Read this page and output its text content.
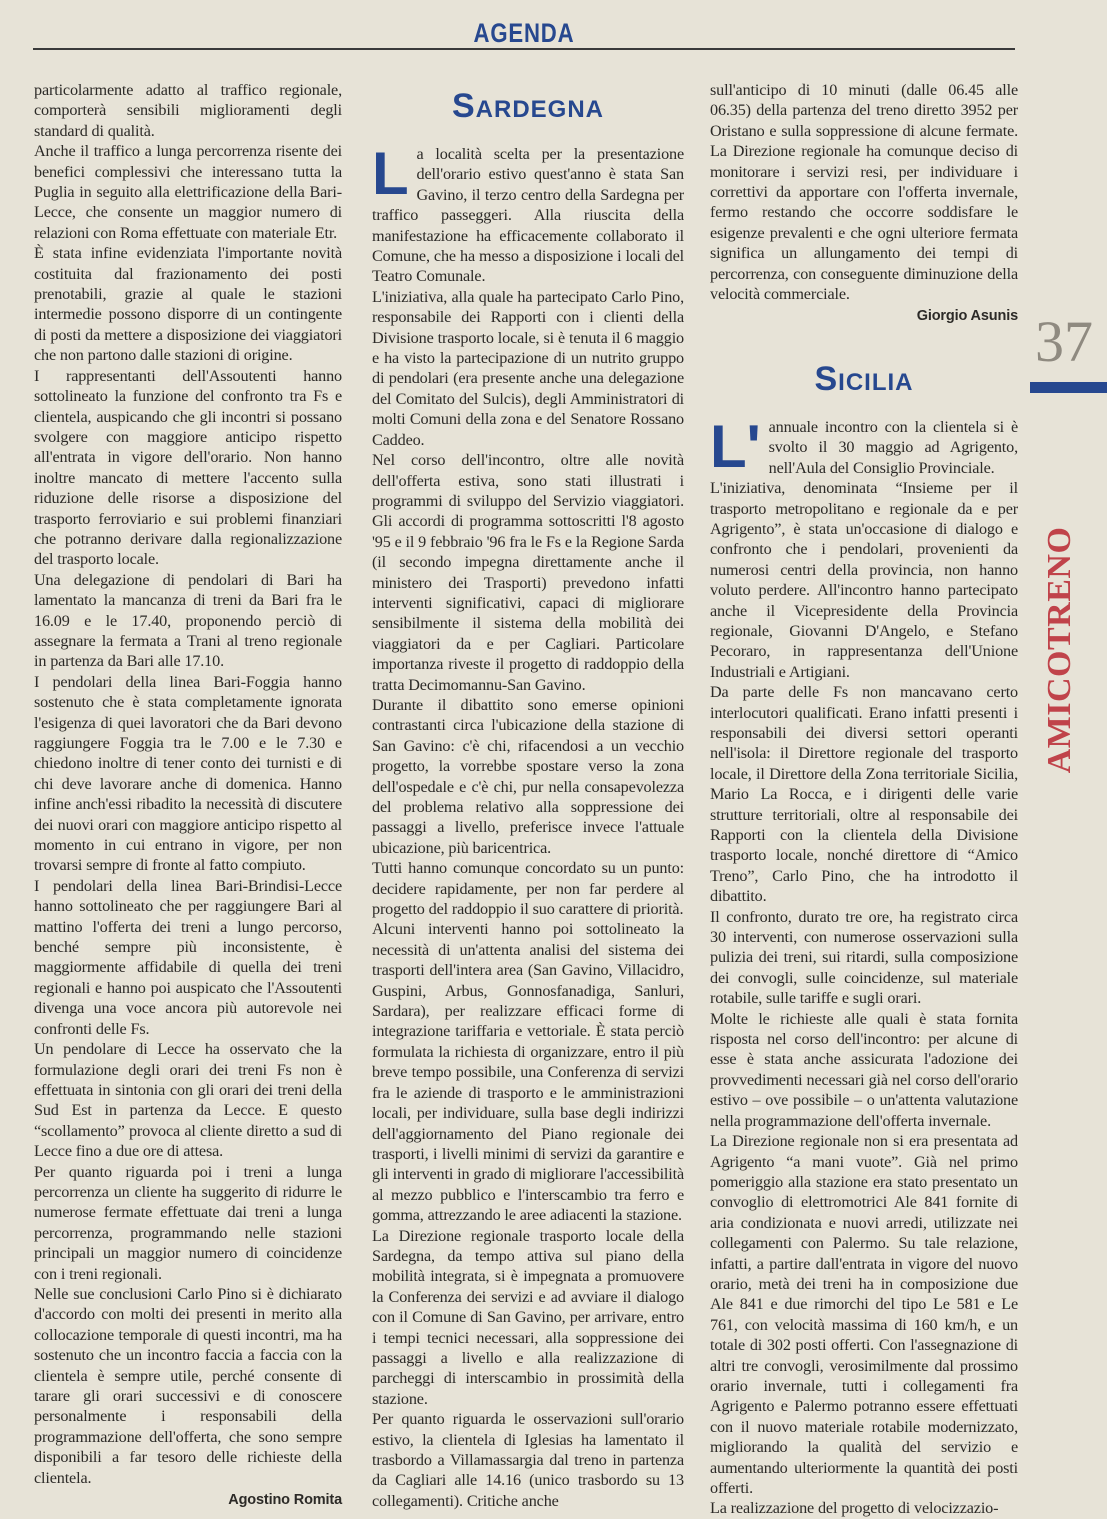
AGENDA

particolarmente adatto al traffico regionale, comporterà sensibili miglioramenti degli standard di qualità.

Anche il traffico a lunga percorrenza risente dei benefici complessivi che interessano tutta la Puglia in seguito alla elettrificazione della Bari-Lecce, che consente un maggior numero di relazioni con Roma effettuate con materiale Etr.

È stata infine evidenziata l'importante novità costituita dal frazionamento dei posti prenotabili, grazie al quale le stazioni intermedie possono disporre di un contingente di posti da mettere a disposizione dei viaggiatori che non partono dalle stazioni di origine.

I rappresentanti dell'Assoutenti hanno sottolineato la funzione del confronto tra Fs e clientela, auspicando che gli incontri si possano svolgere con maggiore anticipo rispetto all'entrata in vigore dell'orario. Non hanno inoltre mancato di mettere l'accento sulla riduzione delle risorse a disposizione del trasporto ferroviario e sui problemi finanziari che potranno derivare dalla regionalizzazione del trasporto locale.

Una delegazione di pendolari di Bari ha lamentato la mancanza di treni da Bari fra le 16.09 e le 17.40, proponendo perciò di assegnare la fermata a Trani al treno regionale in partenza da Bari alle 17.10.

I pendolari della linea Bari-Foggia hanno sostenuto che è stata completamente ignorata l'esigenza di quei lavoratori che da Bari devono raggiungere Foggia tra le 7.00 e le 7.30 e chiedono inoltre di tener conto dei turnisti e di chi deve lavorare anche di domenica. Hanno infine anch'essi ribadito la necessità di discutere dei nuovi orari con maggiore anticipo rispetto al momento in cui entrano in vigore, per non trovarsi sempre di fronte al fatto compiuto.

I pendolari della linea Bari-Brindisi-Lecce hanno sottolineato che per raggiungere Bari al mattino l'offerta dei treni a lungo percorso, benché sempre più inconsistente, è maggiormente affidabile di quella dei treni regionali e hanno poi auspicato che l'Assoutenti divenga una voce ancora più autorevole nei confronti delle Fs.

Un pendolare di Lecce ha osservato che la formulazione degli orari dei treni Fs non è effettuata in sintonia con gli orari dei treni della Sud Est in partenza da Lecce. E questo “scollamento” provoca al cliente diretto a sud di Lecce fino a due ore di attesa.

Per quanto riguarda poi i treni a lunga percorrenza un cliente ha suggerito di ridurre le numerose fermate effettuate dai treni a lunga percorrenza, programmando nelle stazioni principali un maggior numero di coincidenze con i treni regionali.

Nelle sue conclusioni Carlo Pino si è dichiarato d'accordo con molti dei presenti in merito alla collocazione temporale di questi incontri, ma ha sostenuto che un incontro faccia a faccia con la clientela è sempre utile, perché consente di tarare gli orari successivi e di conoscere personalmente i responsabili della programmazione dell'offerta, che sono sempre disponibili a far tesoro delle richieste della clientela.

Agostino Romita

Sardegna

La località scelta per la presentazione dell'orario estivo quest'anno è stata San Gavino, il terzo centro della Sardegna per traffico passeggeri. Alla riuscita della manifestazione ha efficacemente collaborato il Comune, che ha messo a disposizione i locali del Teatro Comunale.

L'iniziativa, alla quale ha partecipato Carlo Pino, responsabile dei Rapporti con i clienti della Divisione trasporto locale, si è tenuta il 6 maggio e ha visto la partecipazione di un nutrito gruppo di pendolari (era presente anche una delegazione del Comitato del Sulcis), degli Amministratori di molti Comuni della zona e del Senatore Rossano Caddeo.

Nel corso dell'incontro, oltre alle novità dell'offerta estiva, sono stati illustrati i programmi di sviluppo del Servizio viaggiatori. Gli accordi di programma sottoscritti l'8 agosto '95 e il 9 febbraio '96 fra le Fs e la Regione Sarda (il secondo impegna direttamente anche il ministero dei Trasporti) prevedono infatti interventi significativi, capaci di migliorare sensibilmente il sistema della mobilità dei viaggiatori da e per Cagliari. Particolare importanza riveste il progetto di raddoppio della tratta Decimomannu-San Gavino.

Durante il dibattito sono emerse opinioni contrastanti circa l'ubicazione della stazione di San Gavino: c'è chi, rifacendosi a un vecchio progetto, la vorrebbe spostare verso la zona dell'ospedale e c'è chi, pur nella consapevolezza del problema relativo alla soppressione dei passaggi a livello, preferisce invece l'attuale ubicazione, più baricentrica.

Tutti hanno comunque concordato su un punto: decidere rapidamente, per non far perdere al progetto del raddoppio il suo carattere di priorità.

Alcuni interventi hanno poi sottolineato la necessità di un'attenta analisi del sistema dei trasporti dell'intera area (San Gavino, Villacidro, Guspini, Arbus, Gonnosfanadiga, Sanluri, Sardara), per realizzare efficaci forme di integrazione tariffaria e vettoriale. È stata perciò formulata la richiesta di organizzare, entro il più breve tempo possibile, una Conferenza di servizi fra le aziende di trasporto e le amministrazioni locali, per individuare, sulla base degli indirizzi dell'aggiornamento del Piano regionale dei trasporti, i livelli minimi di servizi da garantire e gli interventi in grado di migliorare l'accessibilità al mezzo pubblico e l'interscambio tra ferro e gomma, attrezzando le aree adiacenti la stazione.

La Direzione regionale trasporto locale della Sardegna, da tempo attiva sul piano della mobilità integrata, si è impegnata a promuovere la Conferenza dei servizi e ad avviare il dialogo con il Comune di San Gavino, per arrivare, entro i tempi tecnici necessari, alla soppressione dei passaggi a livello e alla realizzazione di parcheggi di interscambio in prossimità della stazione.

Per quanto riguarda le osservazioni sull'orario estivo, la clientela di Iglesias ha lamentato il trasbordo a Villamassargia dal treno in partenza da Cagliari alle 14.16 (unico trasbordo su 13 collegamenti). Critiche anche

sull'anticipo di 10 minuti (dalle 06.45 alle 06.35) della partenza del treno diretto 3952 per Oristano e sulla soppressione di alcune fermate. La Direzione regionale ha comunque deciso di monitorare i servizi resi, per individuare i correttivi da apportare con l'offerta invernale, fermo restando che occorre soddisfare le esigenze prevalenti e che ogni ulteriore fermata significa un allungamento dei tempi di percorrenza, con conseguente diminuzione della velocità commerciale.

Giorgio Asunis

Sicilia

L' annuale incontro con la clientela si è svolto il 30 maggio ad Agrigento, nell'Aula del Consiglio Provinciale.

L'iniziativa, denominata “Insieme per il trasporto metropolitano e regionale da e per Agrigento”, è stata un'occasione di dialogo e confronto che i pendolari, provenienti da numerosi centri della provincia, non hanno voluto perdere. All'incontro hanno partecipato anche il Vicepresidente della Provincia regionale, Giovanni D'Angelo, e Stefano Pecoraro, in rappresentanza dell'Unione Industriali e Artigiani.

Da parte delle Fs non mancavano certo interlocutori qualificati. Erano infatti presenti i responsabili dei diversi settori operanti nell'isola: il Direttore regionale del trasporto locale, il Direttore della Zona territoriale Sicilia, Mario La Rocca, e i dirigenti delle varie strutture territoriali, oltre al responsabile dei Rapporti con la clientela della Divisione trasporto locale, nonché direttore di “Amico Treno”, Carlo Pino, che ha introdotto il dibattito.

Il confronto, durato tre ore, ha registrato circa 30 interventi, con numerose osservazioni sulla pulizia dei treni, sui ritardi, sulla composizione dei convogli, sulle coincidenze, sul materiale rotabile, sulle tariffe e sugli orari.

Molte le richieste alle quali è stata fornita risposta nel corso dell'incontro: per alcune di esse è stata anche assicurata l'adozione dei provvedimenti necessari già nel corso dell'orario estivo – ove possibile – o un'attenta valutazione nella programmazione dell'offerta invernale.

La Direzione regionale non si era presentata ad Agrigento “a mani vuote”. Già nel primo pomeriggio alla stazione era stato presentato un convoglio di elettromotrici Ale 841 fornite di aria condizionata e nuovi arredi, utilizzate nei collegamenti con Palermo. Su tale relazione, infatti, a partire dall'entrata in vigore del nuovo orario, metà dei treni ha in composizione due Ale 841 e due rimorchi del tipo Le 581 e Le 761, con velocità massima di 160 km/h, e un totale di 302 posti offerti. Con l'assegnazione di altri tre convogli, verosimilmente dal prossimo orario invernale, tutti i collegamenti fra Agrigento e Palermo potranno essere effettuati con il nuovo materiale rotabile modernizzato, migliorando la qualità del servizio e aumentando ulteriormente la quantità dei posti offerti.

La realizzazione del progetto di velocizzazio-

37
AMICOTRENO
